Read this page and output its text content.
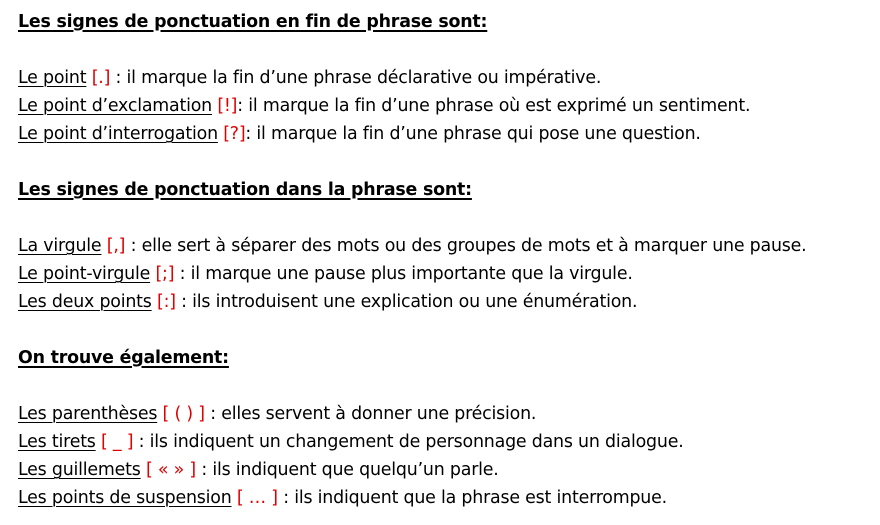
Les signes de ponctuation en fin de phrase sont:
Le point [.] : il marque la fin d’une phrase déclarative ou impérative.
Le point d’exclamation [!]: il marque la fin d’une phrase où est exprimé un sentiment.
Le point d’interrogation [?]: il marque la fin d’une phrase qui pose une question.
Les signes de ponctuation dans la phrase sont:
La virgule [,] : elle sert à séparer des mots ou des groupes de mots et à marquer une pause.
Le point-virgule [;] : il marque une pause plus importante que la virgule.
Les deux points [:] : ils introduisent une explication ou une énumération.
On trouve également:
Les parenthèses [ ( ) ] : elles servent à donner une précision.
Les tirets [ _ ] : ils indiquent un changement de personnage dans un dialogue.
Les guillemets [ « » ] : ils indiquent que quelqu’un parle.
Les points de suspension [ … ] : ils indiquent que la phrase est interrompue.
